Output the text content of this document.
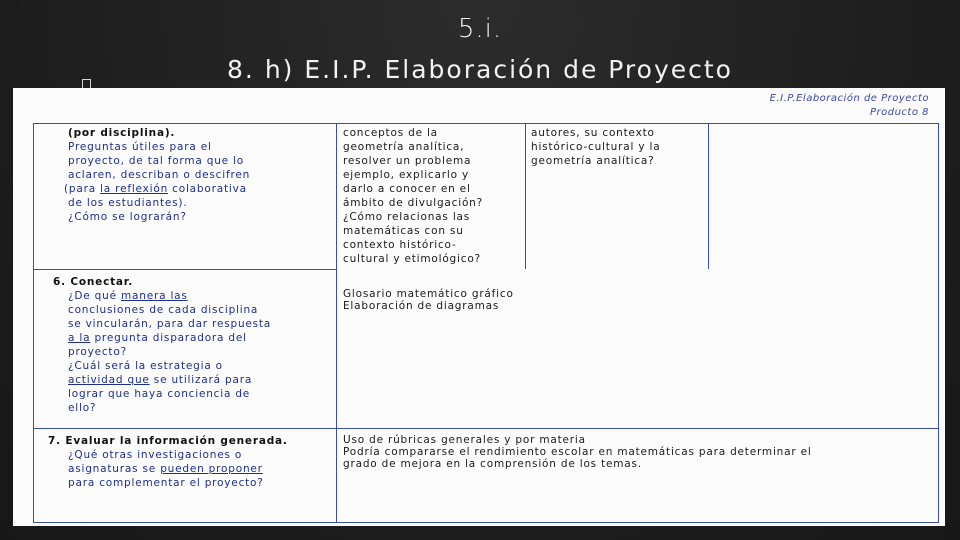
5.i.
8. h) E.I.P. Elaboración de Proyecto
E.I.P.Elaboración de Proyecto
Producto 8

(por disciplina).

Preguntas útiles para el

proyecto, de tal forma que lo

aclaren, describan o descifren

(para la reflexión colaborativa

de los estudiantes).

¿Cómo se lograrán?

conceptos de la

geometría analítica,

resolver un problema

ejemplo, explicarlo y

darlo a conocer en el

ámbito de divulgación?

¿Cómo relacionas las

matemáticas con su

contexto histórico-

cultural y etimológico?

autores, su contexto

histórico-cultural y la

geometría analítica?

6. Conectar.

¿De qué manera las

conclusiones de cada disciplina

se vincularán, para dar respuesta

a la pregunta disparadora del

proyecto?

¿Cuál será la estrategia o

actividad que se utilizará para

lograr que haya conciencia de

ello?

Glosario matemático gráfico

Elaboración de diagramas

7. Evaluar la información generada.

¿Qué otras investigaciones o

asignaturas se pueden proponer

para complementar el proyecto?

Uso de rúbricas generales y por materia

Podría compararse el rendimiento escolar en matemáticas para determinar el

grado de mejora en la comprensión de los temas.
